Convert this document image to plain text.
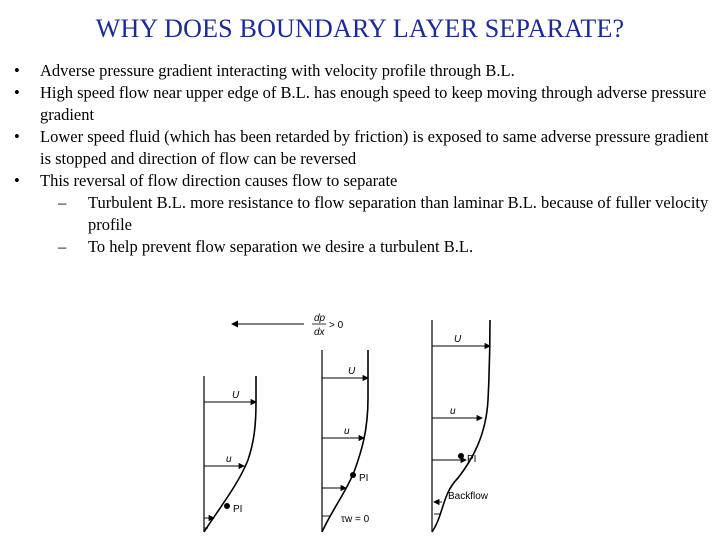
WHY DOES BOUNDARY LAYER SEPARATE?
• Adverse pressure gradient interacting with velocity profile through B.L.
• High speed flow near upper edge of B.L. has enough speed to keep moving through adverse pressure gradient
• Lower speed fluid (which has been retarded by friction) is exposed to same adverse pressure gradient is stopped and direction of flow can be reversed
• This reversal of flow direction causes flow to separate
– Turbulent B.L. more resistance to flow separation than laminar B.L. because of fuller velocity profile
– To help prevent flow separation we desire a turbulent B.L.
dp
dx
> 0
U
u
PI
U
u
PI
τw = 0
U
u
PI
Backflow
